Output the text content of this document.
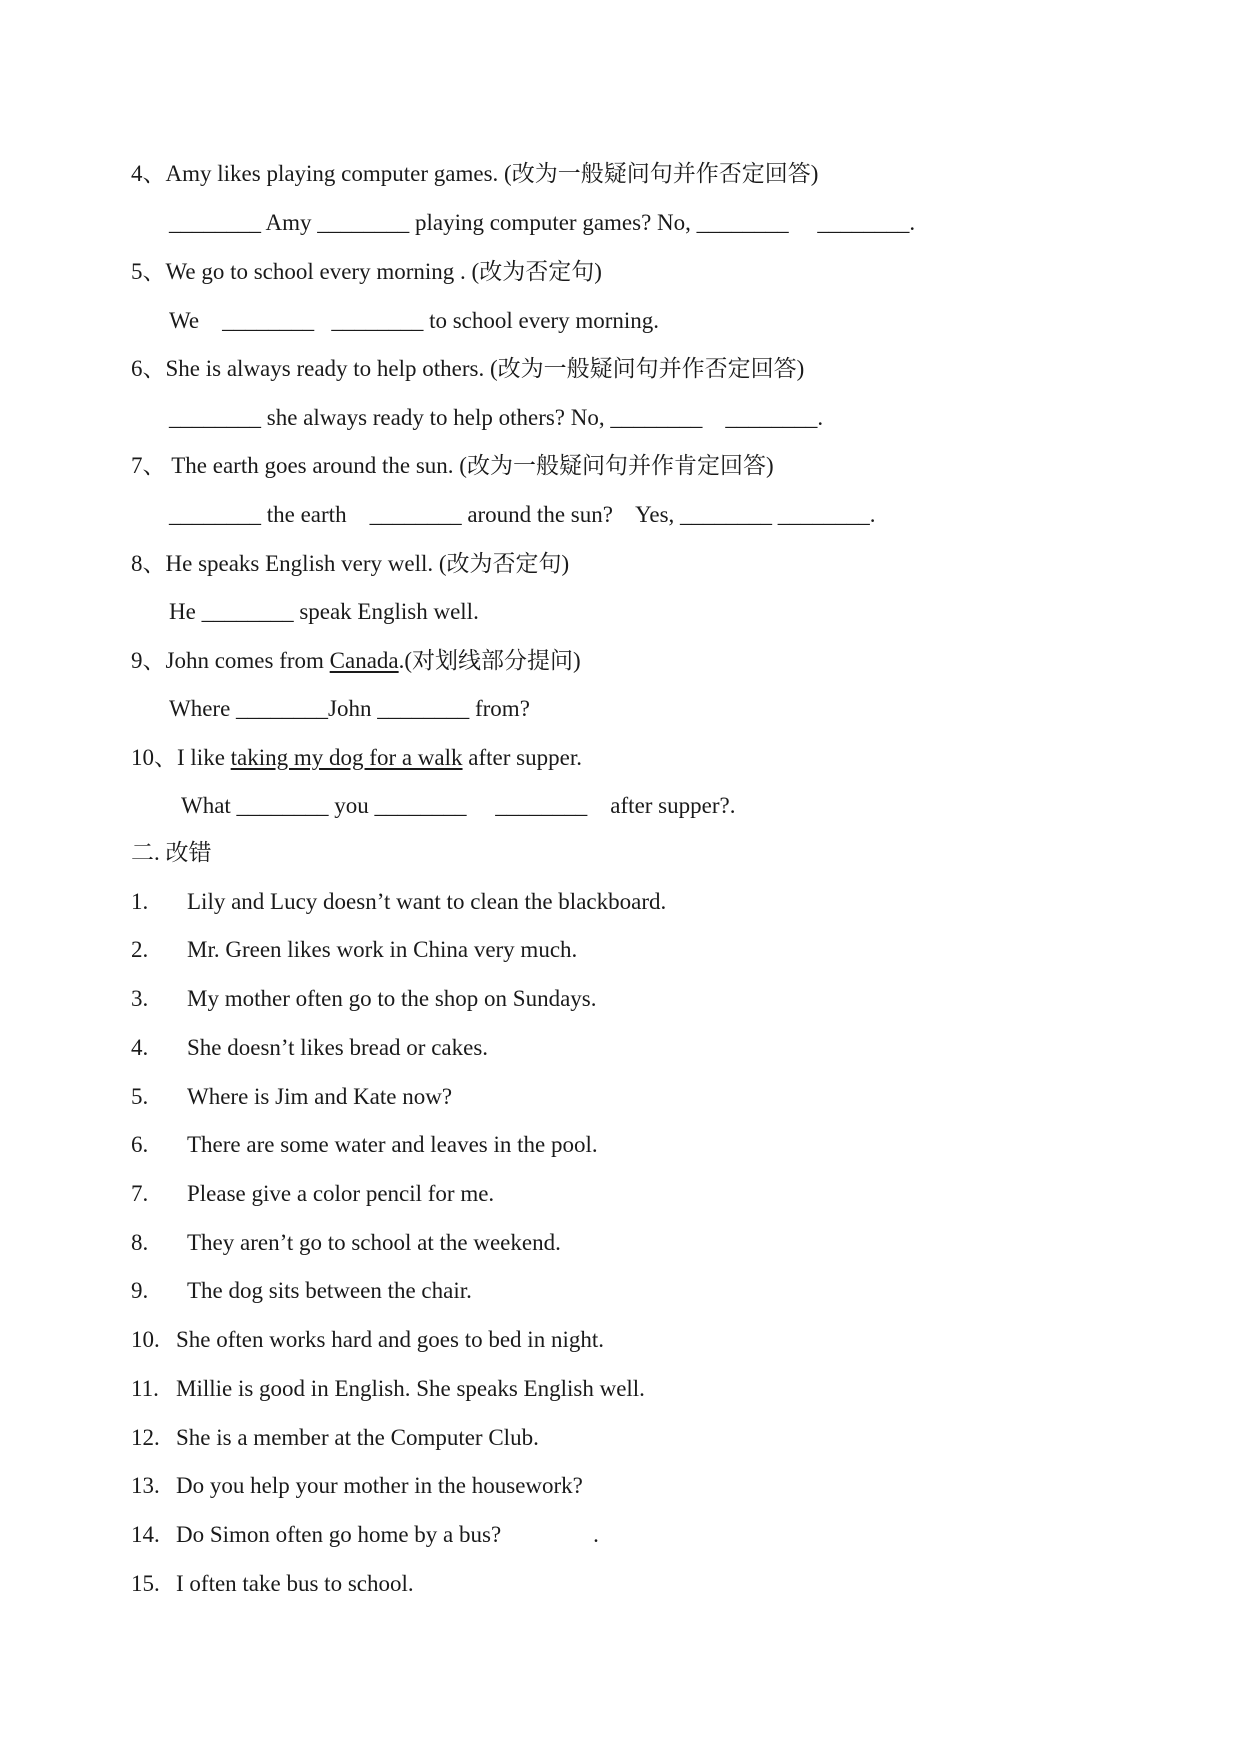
4、Amy likes playing computer games. (改为一般疑问句并作否定回答)
________ Amy ________ playing computer games? No, ________     ________.
5、We go to school every morning . (改为否定句)
We    ________   ________ to school every morning.
6、She is always ready to help others. (改为一般疑问句并作否定回答)
________ she always ready to help others? No, ________    ________.
7、 The earth goes around the sun. (改为一般疑问句并作肯定回答)
________ the earth    ________ around the sun?    Yes, ________ ________.
8、He speaks English very well. (改为否定句)
He ________ speak English well.
9、John comes from Canada.(对划线部分提问)
Where ________John ________ from?
10、I like taking my dog for a walk after supper.
What ________ you ________     ________    after supper?.
二. 改错
1. Lily and Lucy doesn’t want to clean the blackboard.
2. Mr. Green likes work in China very much.
3. My mother often go to the shop on Sundays.
4. She doesn’t likes bread or cakes.
5. Where is Jim and Kate now?
6. There are some water and leaves in the pool.
7. Please give a color pencil for me.
8. They aren’t go to school at the weekend.
9. The dog sits between the chair.
10. She often works hard and goes to bed in night.
11. Millie is good in English. She speaks English well.
12. She is a member at the Computer Club.
13. Do you help your mother in the housework?
14. Do Simon often go home by a bus?                .
15. I often take bus to school.
